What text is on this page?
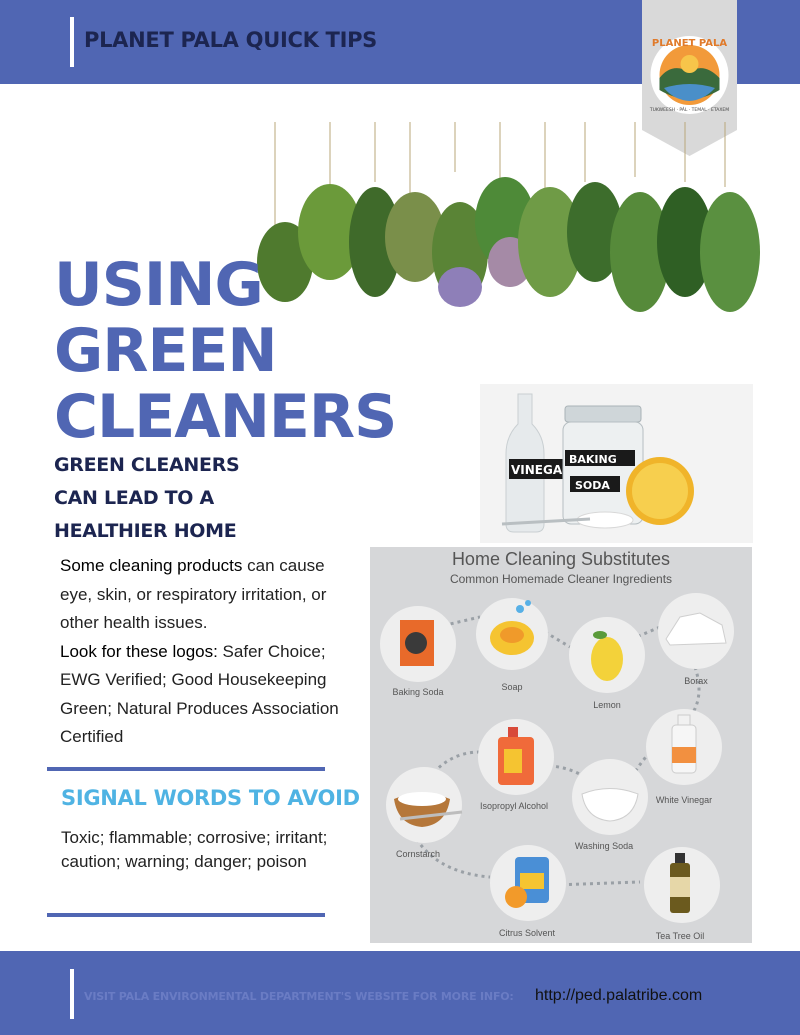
PLANET PALA QUICK TIPS	PLANET PALA
TUKWEESH · PÁL · TEMAL · ETAXEM
USING
GREEN
CLEANERS
GREEN CLEANERS
CAN LEAD TO A
HEALTHIER HOME
VINEGA
BAKING
SODA
Some cleaning products can cause eye, skin, or respiratory irritation, or other health issues.
Look for these logos: Safer Choice; EWG Verified; Good Housekeeping Green; Natural Produces Association Certified
SIGNAL WORDS TO AVOID
Toxic; flammable; corrosive; irritant; caution; warning; danger; poison
Home Cleaning Substitutes
Common Homemade Cleaner Ingredients
Baking Soda	Soap
Lemon
Borax
White Vinegar
Isopropyl Alcohol
Washing Soda
Cornstarch
Citrus Solvent	Tea Tree Oil
VISIT PALA ENVIRONMENTAL DEPARTMENT'S WEBSITE FOR MORE INFO: http://ped.palatribe.com
